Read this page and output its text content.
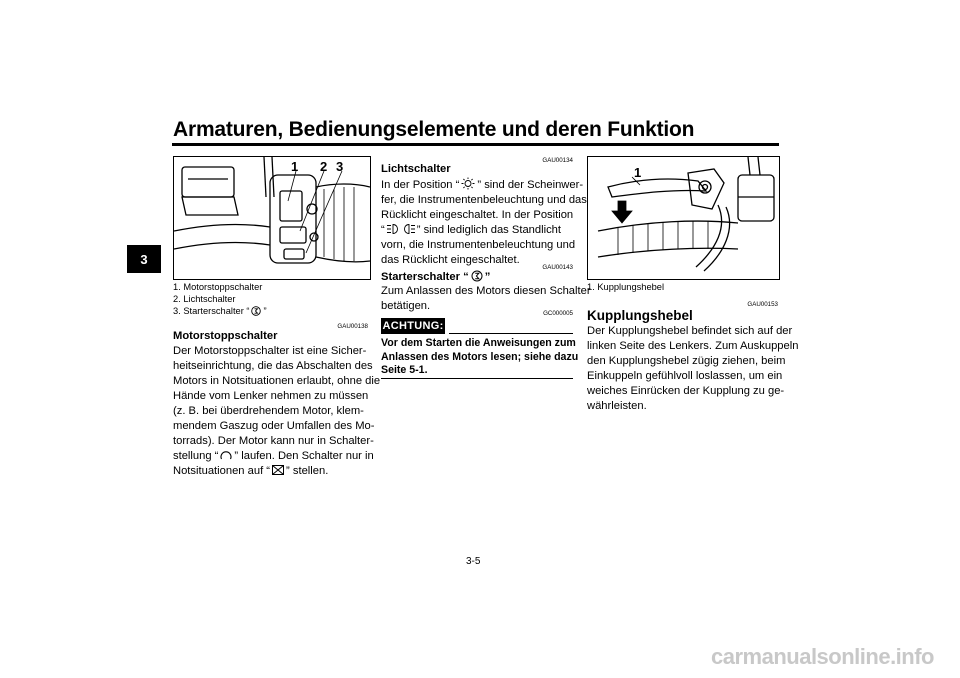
Armaturen, Bedienungselemente und deren Funktion
3
1 2 3
1. Motorstoppschalter
2. Lichtschalter
3. Starterschalter “ ”
GAU00138
Motorstoppschalter
Der Motorstoppschalter ist eine Sicher-
heitseinrichtung, die das Abschalten des
Motors in Notsituationen erlaubt, ohne die
Hände vom Lenker nehmen zu müssen
(z. B. bei überdrehendem Motor, klem-
mendem Gaszug oder Umfallen des Mo-
torrads). Der Motor kann nur in Schalter-
stellung “ ” laufen. Den Schalter nur in
Notsituationen auf “ ” stellen.
GAU00134
Lichtschalter
In der Position “ ” sind der Scheinwer-
fer, die Instrumentenbeleuchtung und das
Rücklicht eingeschaltet. In der Position
“	” sind lediglich das Standlicht
vorn, die Instrumentenbeleuchtung und
das Rücklicht eingeschaltet.
GAU00143
Starterschalter “ ”
Zum Anlassen des Motors diesen Schalter
betätigen.
GC000005
ACHTUNG:
Vor dem Starten die Anweisungen zum
Anlassen des Motors lesen; siehe dazu
Seite 5-1.
1
1. Kupplungshebel
GAU00153
Kupplungshebel
Der Kupplungshebel befindet sich auf der
linken Seite des Lenkers. Zum Auskuppeln
den Kupplungshebel zügig ziehen, beim
Einkuppeln gefühlvoll loslassen, um ein
weiches Einrücken der Kupplung zu ge-
währleisten.
3-5
carmanualsonline.info
